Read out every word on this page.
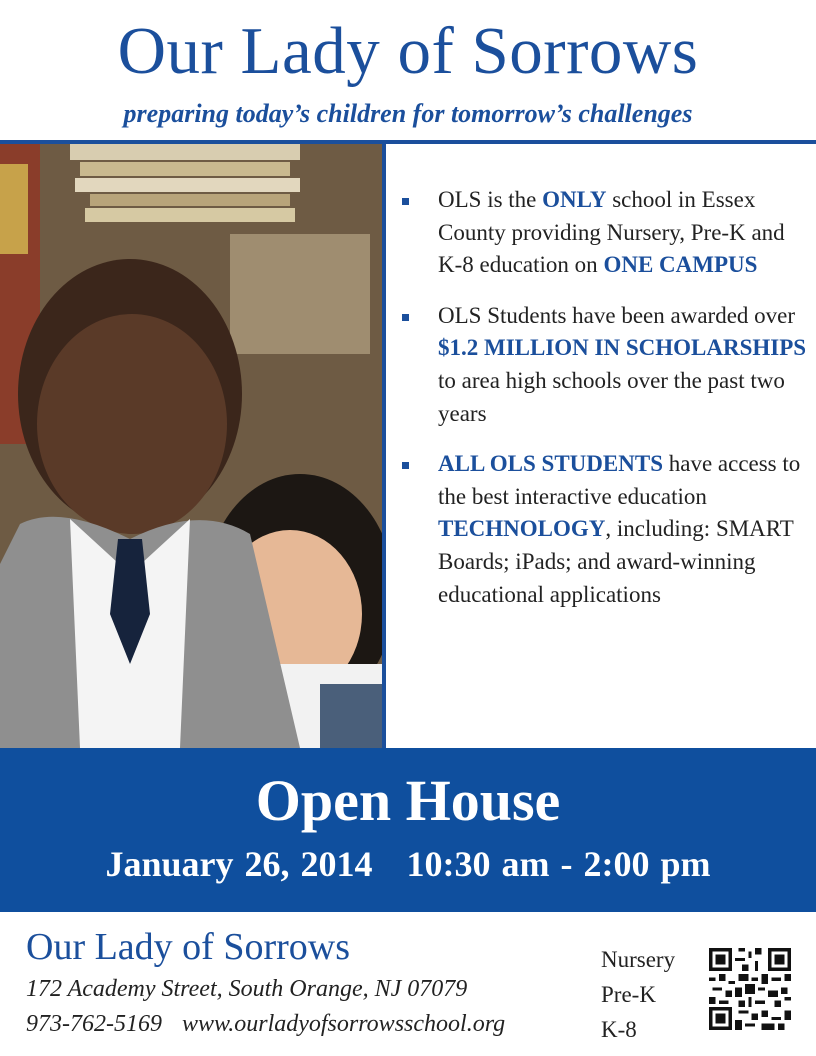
Our Lady of Sorrows
preparing today’s children for tomorrow’s challenges
OLS is the ONLY school in Essex County providing Nursery, Pre-K and K-8 education on ONE CAMPUS
OLS Students have been awarded over $1.2 MILLION IN SCHOLARSHIPS to area high schools over the past two years
ALL OLS STUDENTS have access to the best interactive education TECHNOLOGY, including: SMART Boards; iPads; and award-winning educational applications
Open House
January 26, 2014 10:30 am - 2:00 pm
Our Lady of Sorrows
172 Academy Street, South Orange, NJ 07079
973-762-5169 www.ourladyofsorrowsschool.org
Nursery
Pre-K
K-8
